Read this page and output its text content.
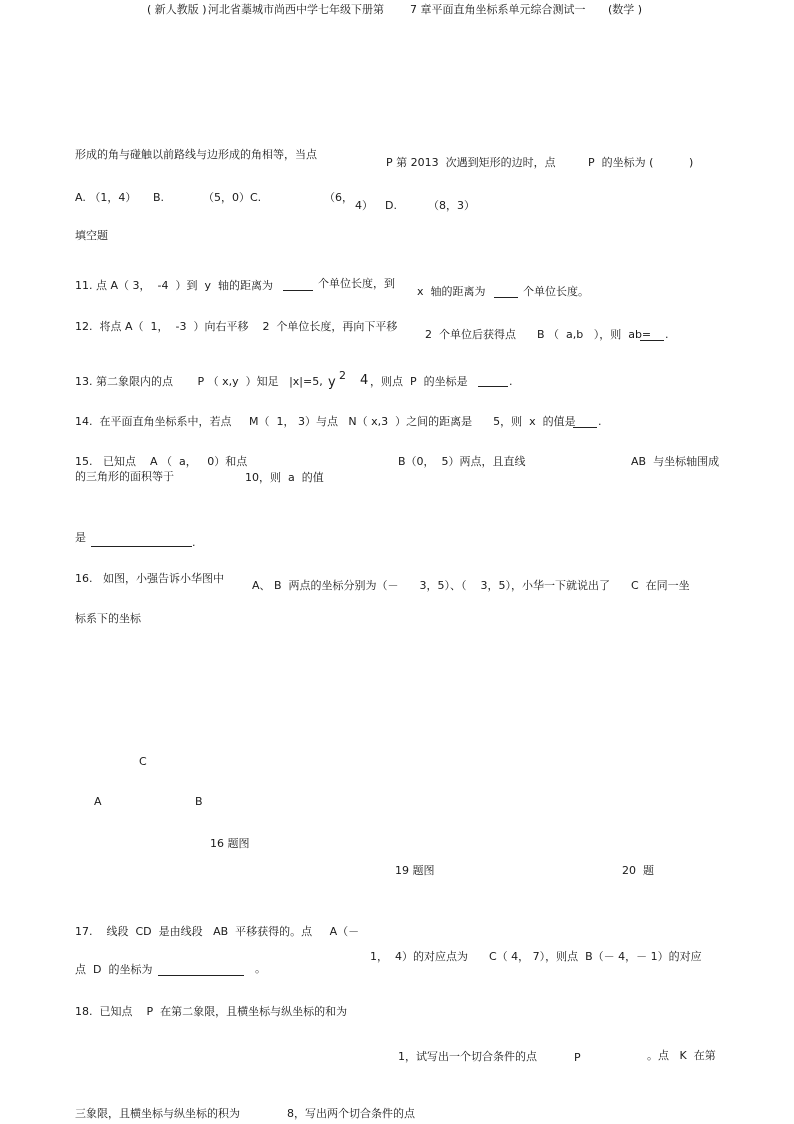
( 新人教版 ) 河北省藁城市尚西中学七年级下册第 7 章平面直角坐标系单元综合测试一 (数学 )
形成的角与碰触以前路线与边形成的角相等，当点
P 第 2013  次遇到矩形的边时，点	P  的坐标为 (	)
A. （1，4） B.	（5，0）C.	（6，
4） D.	（8，3）
填空题
11. 点 A（ 3，  -4  ）到  y  轴的距离为	个单位长度，到
x  轴的距离为	个单位长度。
12.  将点 A（  1，  -3  ）向右平移    2  个单位长度，再向下平移
2  个单位后获得点      B （  a,b   ），则  ab= .
13. 第二象限内的点       P （ x,y  ）知足   |x|=5, y 2 4 ，则点  P  的坐标是	.
14.  在平面直角坐标系中，若点     M（  1， 3）与点   N（ x,3  ）之间的距离是      5，则  x  的值是 .
15.   已知点    A （  a，   0）和点	B（0，  5）两点，且直线	AB  与坐标轴围成
的三角形的面积等于	10，则  a  的值
是	.
16.   如图，小强告诉小华图中
A、 B  两点的坐标分别为（－      3，5）、（    3，5），小华一下就说出了      C  在同一坐
标系下的坐标
C
A	B
16 题图
19 题图	20  题
17.    线段  CD  是由线段   AB  平移获得的。点     A（－
1，  4）的对应点为      C（ 4， 7），则点  B（－ 4，－ 1）的对应
点  D  的坐标为	。
18.  已知点    P  在第二象限，且横坐标与纵坐标的和为
1，试写出一个切合条件的点	P	。点   K  在第
三象限，且横坐标与纵坐标的积为	8，写出两个切合条件的点
